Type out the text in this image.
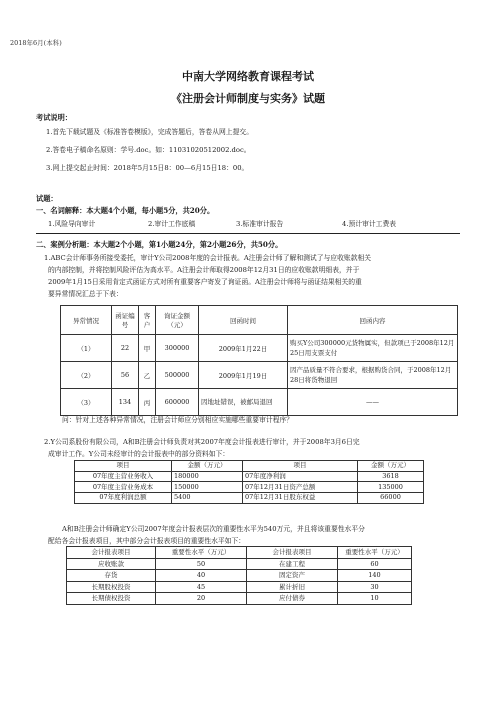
2018年6月(本科)
中南大学网络教育课程考试
《注册会计师制度与实务》试题
考试说明：
1.首先下载试题及《标准答卷模版》，完成答题后，答卷从网上提交。
2.答卷电子稿命名原则：学号.doc。如：11031020512002.doc。
3.网上提交起止时间：2018年5月15日8：00—6月15日18：00。
试题：
一、名词解释：本大题4个小题，每小题5分，共20分。
1.风险导向审计	2.审计工作底稿	3.标准审计报告	4.预计审计工费表
二、案例分析题：本大题2个小题，第1小题24分，第2小题26分，共50分。
1.ABC会计师事务所接受委托，审计Y公司2008年度的会计报表。A注册会计师了解和测试了与应收账款相关
的内部控制，并将控制风险评估为高水平。A注册会计师取得2008年12月31日的应收账款明细表，并于
2009年1月15日采用肯定式函证方式对所有重要客户寄发了询证函。A注册会计师将与函证结果相关的重
要异常情况汇总于下表：
异常情况	函证编号	客户	询证金额（元）	回函时间	回函内容
（1）	22	甲	300000	2009年1月22日	购买Y公司300000元货物属实，但款项已于2008年12月25日用支票支付
（2）	56	乙	500000	2009年1月19日	因产品质量不符合要求，根据购货合同，于2008年12月28日将货物退回
（3）	134	丙	600000	因地址错误，被邮局退回	——
问：针对上述各种异常情况，注册会计师应分别相应实施哪些重要审计程序？
2.Y公司系股份有限公司，A和B注册会计师负责对其2007年度会计报表进行审计，并于2008年3月6日完
成审计工作。Y公司未经审计的会计报表中的部分资料如下：
项目	金额（万元）	项目	金额（万元）
07年度主营业务收入	180000	07年度净利润	3618
07年度主营业务成本	150000	07年12月31日资产总额	135000
07年度利润总额	5400	07年12月31日股东权益	66000
A和B注册会计师确定Y公司2007年度会计报表层次的重要性水平为540万元，并且将该重要性水平分
配给各会计报表项目，其中部分会计报表项目的重要性水平如下：
会计报表项目	重要性水平（万元）	会计报表项目	重要性水平（万元）
应收账款	50	在建工程	60
存货	40	固定资产	140
长期股权投资	45	累计折旧	30
长期债权投资	20	应付债券	10
